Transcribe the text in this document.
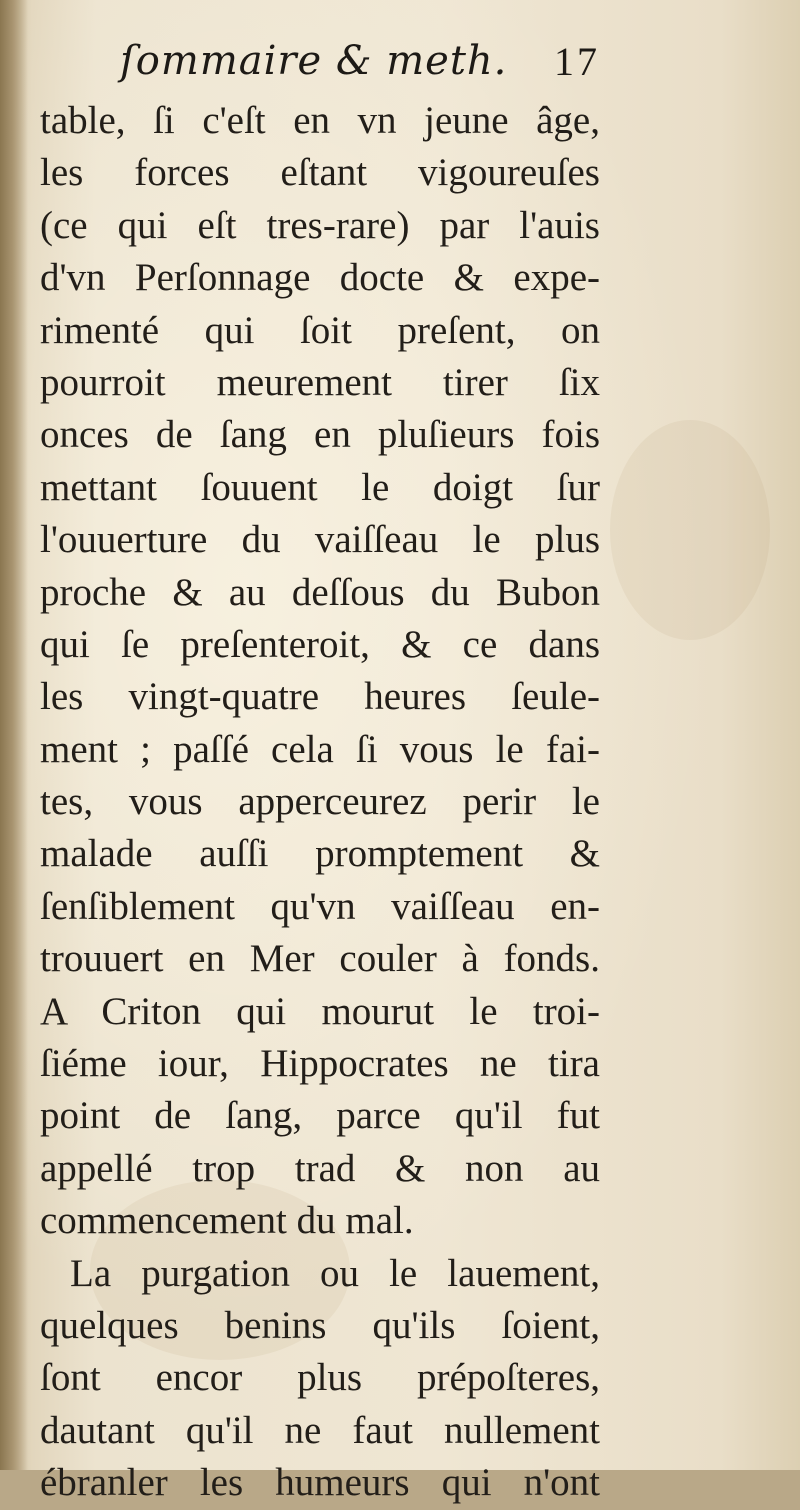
ſommaire & meth. 17
table, ſi c'eſt en vn jeune âge,
les forces eſtant vigoureuſes
(ce qui eſt tres-rare) par l'auis
d'vn Perſonnage docte & expe-
rimenté qui ſoit preſent, on
pourroit meurement tirer ſix
onces de ſang en pluſieurs fois
mettant ſouuent le doigt ſur
l'ouuerture du vaiſſeau le plus
proche & au deſſous du Bubon
qui ſe preſenteroit, & ce dans
les vingt-quatre heures ſeule-
ment ; paſſé cela ſi vous le fai-
tes, vous apperceurez perir le
malade auſſi promptement &
ſenſiblement qu'vn vaiſſeau en-
trouuert en Mer couler à fonds.
A Criton qui mourut le troi-
ſiéme iour, Hippocrates ne tira
point de ſang, parce qu'il fut
appellé trop trad & non au
commencement du mal.
La purgation ou le lauement,
quelques benins qu'ils ſoient,
ſont encor plus prépoſteres,
dautant qu'il ne faut nullement
ébranler les humeurs qui n'ont
